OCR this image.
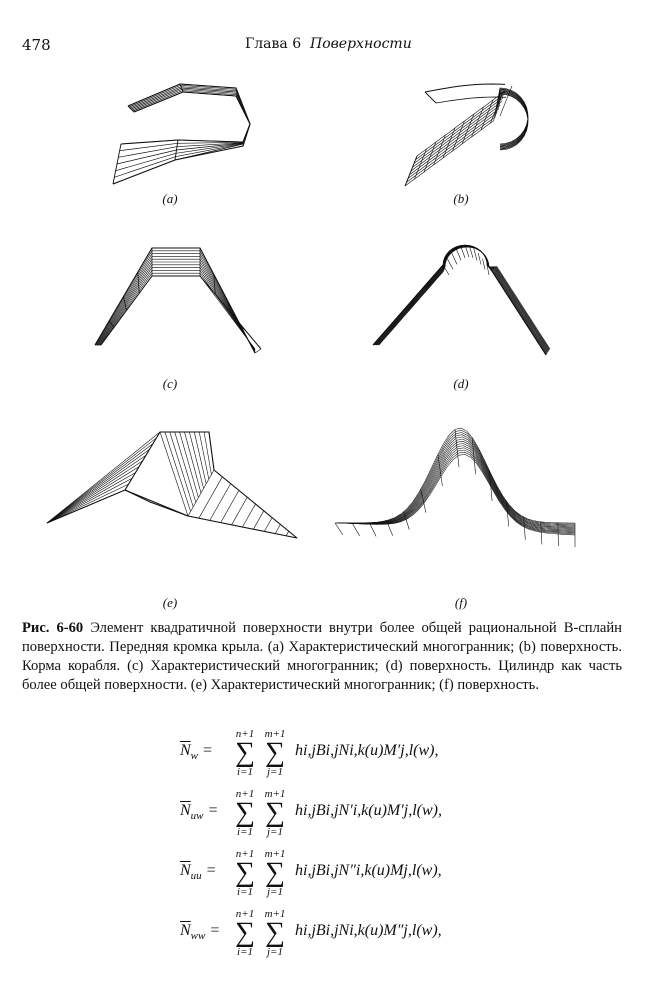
478	Глава 6 Поверхности
(a)	(b)
(c)	(d)
(e)	(f)
Рис. 6-60 Элемент квадратичной поверхности внутри более общей рациональной B-сплайн поверхности. Передняя кромка крыла. (a) Характеристический многогранник; (b) поверхность. Корма корабля. (c) Характеристический многогранник; (d) поверхность. Цилиндр как часть более общей поверхности. (e) Характеристический многогранник; (f) поверхность.
$\overline{N}_w$ =
n+1
∑
i=1
m+1
∑
j=1
hi,jBi,jNi,k(u)M′j,l(w),
$\overline{N}_{uw}$ =
n+1
∑
i=1
m+1
∑
j=1
hi,jBi,jN′i,k(u)M′j,l(w),
$\overline{N}_{uu}$ =
n+1
∑
i=1
m+1
∑
j=1
hi,jBi,jN″i,k(u)Mj,l(w),
$\overline{N}_{ww}$ =
n+1
∑
i=1
m+1
∑
j=1
hi,jBi,jNi,k(u)M″j,l(w),
